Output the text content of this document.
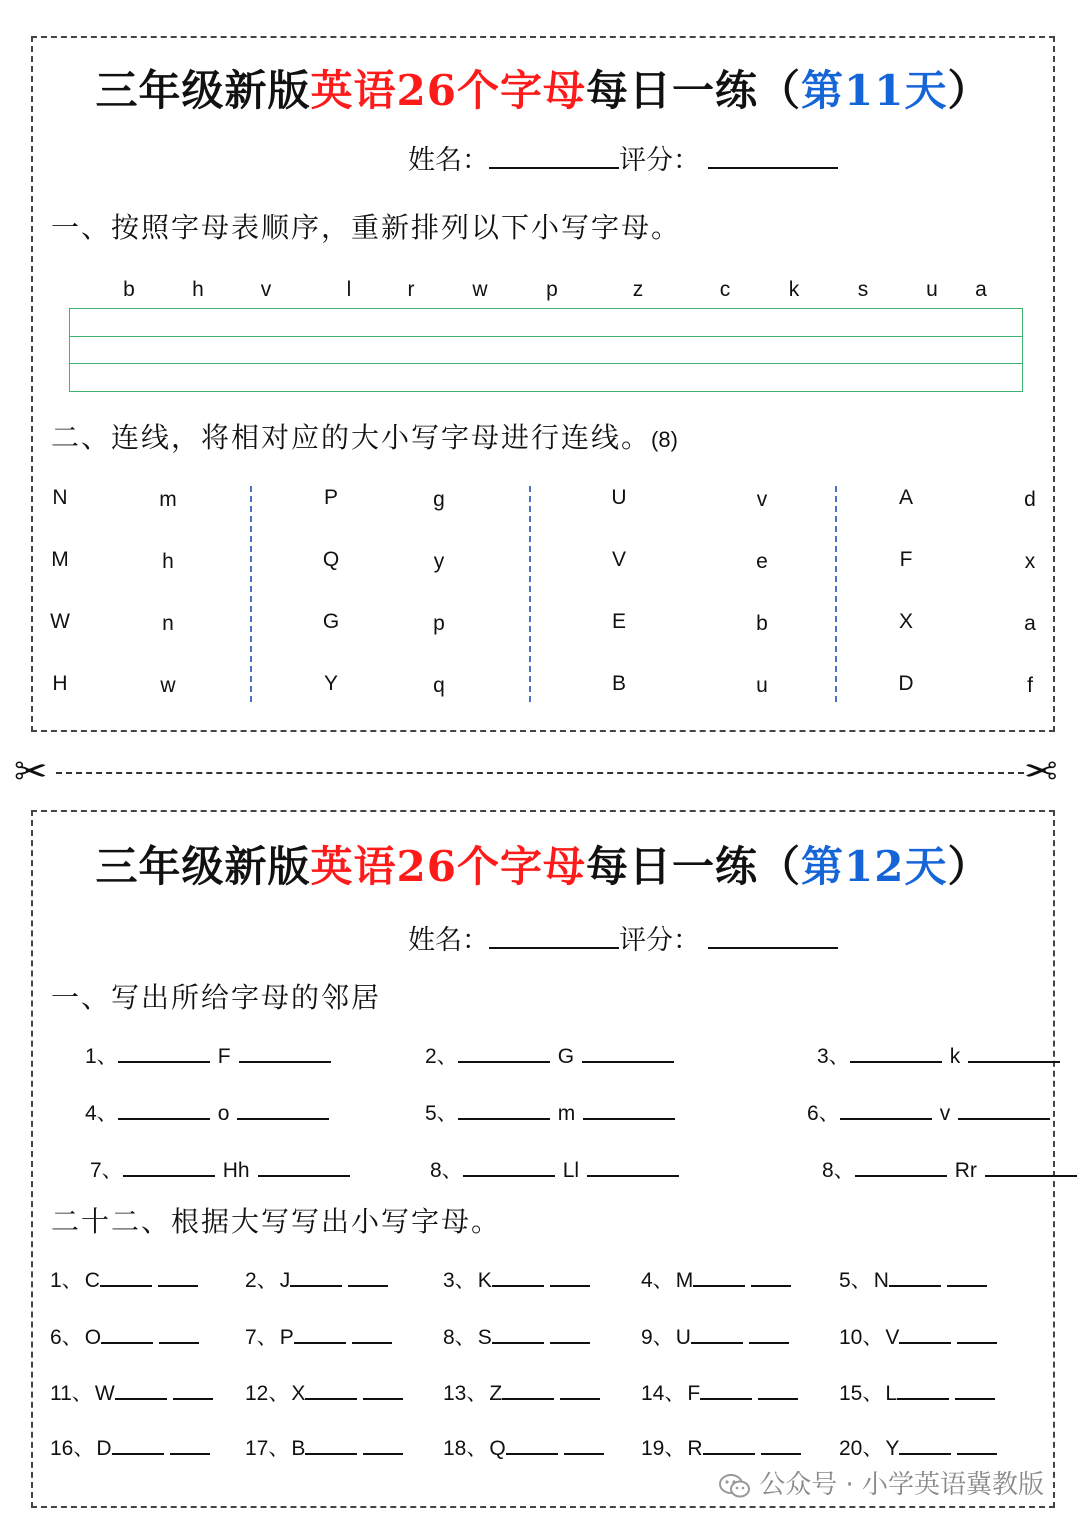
三年级新版英语26个字母每日一练（第11天）
姓名：	评分：
一、按照字母表顺序，重新排列以下小写字母。
b	h	v	l	r	w	p	z	c	k	s	u a
二、连线，将相对应的大小写字母进行连线。(8)
N	m
M	h
W	n
H	w
P	g
Q	y
G	p
Y	q
U	v
V	e
E	b
B	u
A	d
F	x
X	a
D	f
✂	✂
三年级新版英语26个字母每日一练（第12天）
姓名：	评分：
一、写出所给字母的邻居
1、	F	2、	G	3、	k
4、	o	5、	m	6、	v
7、	Hh	8、	Ll	8、	Rr
二十二、根据大写写出小写字母。
1、C	2、J	3、K	4、M	5、N
6、O	7、P	8、S	9、U	10、V
11、W	12、X	13、Z	14、F	15、L
16、D	17、B	18、Q	19、R	20、Y
公众号 · 小学英语冀教版
